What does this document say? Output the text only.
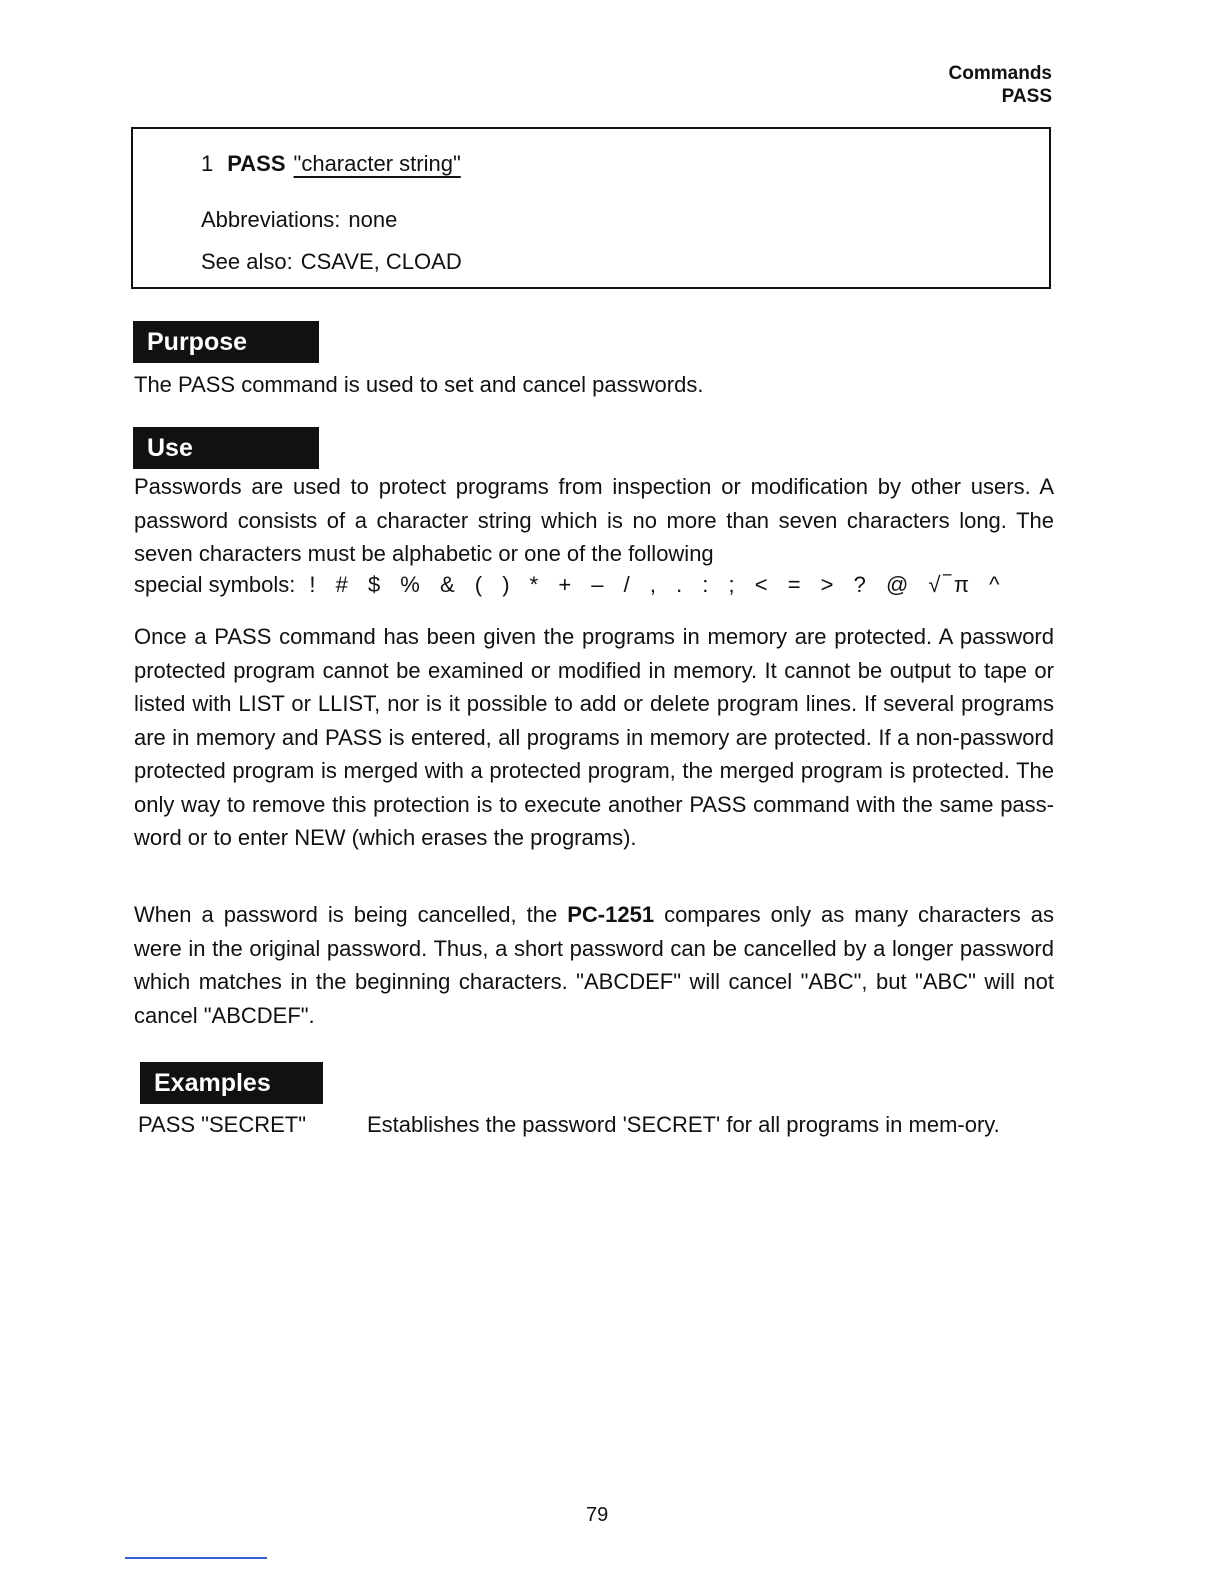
Commands
PASS
1 PASS "character string"
Abbreviations: none
See also: CSAVE, CLOAD
Purpose
The PASS command is used to set and cancel passwords.
Use
Passwords are used to protect programs from inspection or modification by other users. A password consists of a character string which is no more than seven characters long. The seven characters must be alphabetic or one of the following
special symbols: ! # $ % & ( ) * + – / , . : ; < = > ? @ √‾π ^
Once a PASS command has been given the programs in memory are protected. A password protected program cannot be examined or modified in memory. It cannot be output to tape or listed with LIST or LLIST, nor is it possible to add or delete program lines. If several programs are in memory and PASS is entered, all programs in memory are protected. If a non-password protected program is merged with a protected program, the merged program is protected. The only way to remove this protection is to execute another PASS command with the same pass-word or to enter NEW (which erases the programs).
When a password is being cancelled, the PC-1251 compares only as many characters as were in the original password. Thus, a short password can be cancelled by a longer password which matches in the beginning characters. "ABCDEF" will cancel "ABC", but "ABC" will not cancel "ABCDEF".
Examples
PASS "SECRET"	Establishes the password 'SECRET' for all programs in mem-ory.
79
